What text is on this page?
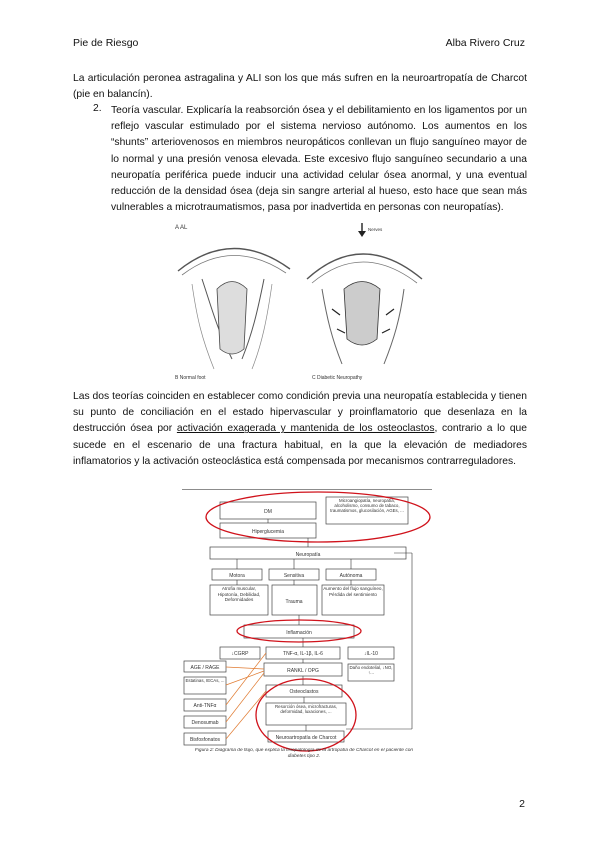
Pie de Riesgo	Alba Rivero Cruz
La articulación peronea astragalina y ALI son los que más sufren en la neuroartropatía de Charcot (pie en balancín).
2. Teoría vascular. Explicaría la reabsorción ósea y el debilitamiento en los ligamentos por un reflejo vascular estimulado por el sistema nervioso autónomo. Los aumentos en los “shunts” arteriovenosos en miembros neuropáticos conllevan un flujo sanguíneo mayor de lo normal y una presión venosa elevada. Este excesivo flujo sanguíneo secundario a una neuropatía periférica puede inducir una actividad celular ósea anormal, y una eventual reducción de la densidad ósea (deja sin sangre arterial al hueso, esto hace que sean más vulnerables a microtraumatismos, pasa por inadvertida en personas con neuropatías).
A AL
B Normal foot
Nerves
C Diabetic Neuropathy
Las dos teorías coinciden en establecer como condición previa una neuropatía establecida y tienen su punto de conciliación en el estado hipervascular y proinflamatorio que desenlaza en la destrucción ósea por activación exagerada y mantenida de los osteoclastos, contrario a lo que sucede en el escenario de una fractura habitual, en la que la elevación de mediadores inflamatorios y la activación osteoclástica está compensada por mecanismos contrarreguladores.
DM
Microangiopatía, neuropatía, alcoholismo, consumo de tabaco, traumatismos, glucosilación, AGEs, ...
Hiperglucemia
Neuropatía
Motora	Sensitiva	Autónoma
Atrofia muscular, Hipotonía, Debilidad, Deformidades	Trauma
Aumento del flujo sanguíneo, Pérdida del sentimiento
Inflamación
↓CGRP	TNF-α, IL-1β, IL-6	↓IL-10
AGE / RAGE
Estatinas, IECAs, ...
Anti-TNFα
Denosumab
Bisfosfonatos
RANKL / OPG
Daño endotelial, ↓NO, ↑...
Osteoclastos
Resorción ósea, microfracturas, deformidad, luxaciones, ...
Neuroartropatía de Charcot
Figura 2: Diagrama de flujo, que explica la fisiopatología de la artropatía de Charcot en el paciente con diabetes tipo 2.
2
